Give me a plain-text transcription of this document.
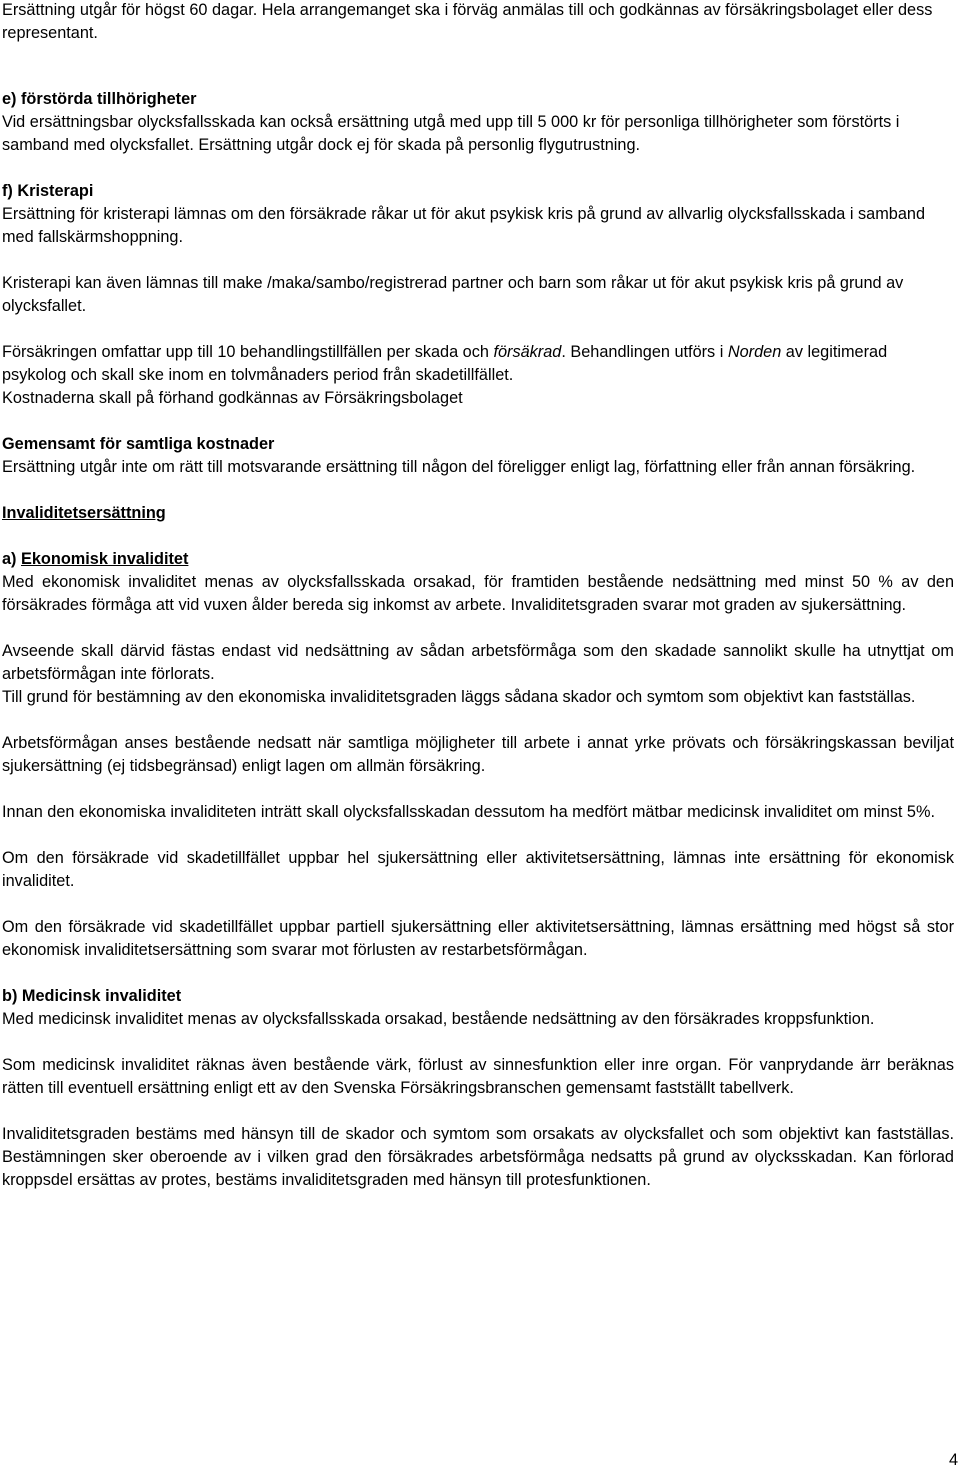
Ersättning utgår för högst 60 dagar. Hela arrangemanget ska i förväg anmälas till och godkännas av försäkringsbolaget eller dess representant.

e) förstörda tillhörigheter

Vid ersättningsbar olycksfallsskada kan också ersättning utgå med upp till 5 000 kr för personliga tillhörigheter som förstörts i samband med olycksfallet. Ersättning utgår dock ej för skada på personlig flygutrustning.

f) Kristerapi

Ersättning för kristerapi lämnas om den försäkrade råkar ut för akut psykisk kris på grund av allvarlig olycksfallsskada i samband med fallskärmshoppning.

Kristerapi kan även lämnas till make /maka/sambo/registrerad partner och barn som råkar ut för akut psykisk kris på grund av olycksfallet.

Försäkringen omfattar upp till 10 behandlingstillfällen per skada och försäkrad. Behandlingen utförs i Norden av legitimerad psykolog och skall ske inom en tolvmånaders period från skadetillfället.

Kostnaderna skall på förhand godkännas av Försäkringsbolaget

Gemensamt för samtliga kostnader

Ersättning utgår inte om rätt till motsvarande ersättning till någon del föreligger enligt lag, författning eller från annan försäkring.

Invaliditetsersättning

a) Ekonomisk invaliditet

Med ekonomisk invaliditet menas av olycksfallsskada orsakad, för framtiden bestående nedsättning med minst 50 % av den försäkrades förmåga att vid vuxen ålder bereda sig inkomst av arbete. Invaliditetsgraden svarar mot graden av sjukersättning.

Avseende skall därvid fästas endast vid nedsättning av sådan arbetsförmåga som den skadade sannolikt skulle ha utnyttjat om arbetsförmågan inte förlorats.

Till grund för bestämning av den ekonomiska invaliditetsgraden läggs sådana skador och symtom som objektivt kan fastställas.

Arbetsförmågan anses bestående nedsatt när samtliga möjligheter till arbete i annat yrke prövats och försäkringskassan beviljat sjukersättning (ej tidsbegränsad) enligt lagen om allmän försäkring.

Innan den ekonomiska invaliditeten inträtt skall olycksfallsskadan dessutom ha medfört mätbar medicinsk invaliditet om minst 5%.

Om den försäkrade vid skadetillfället uppbar hel sjukersättning eller aktivitetsersättning, lämnas inte ersättning för ekonomisk invaliditet.

Om den försäkrade vid skadetillfället uppbar partiell sjukersättning eller aktivitetsersättning, lämnas ersättning med högst så stor ekonomisk invaliditetsersättning som svarar mot förlusten av restarbetsförmågan.

b) Medicinsk invaliditet

Med medicinsk invaliditet menas av olycksfallsskada orsakad, bestående nedsättning av den försäkrades kroppsfunktion.

Som medicinsk invaliditet räknas även bestående värk, förlust av sinnesfunktion eller inre organ. För vanprydande ärr beräknas rätten till eventuell ersättning enligt ett av den Svenska Försäkringsbranschen gemensamt fastställt tabellverk.

Invaliditetsgraden bestäms med hänsyn till de skador och symtom som orsakats av olycksfallet och som objektivt kan fastställas. Bestämningen sker oberoende av i vilken grad den försäkrades arbetsförmåga nedsatts på grund av olycksskadan. Kan förlorad kroppsdel ersättas av protes, bestäms invaliditetsgraden med hänsyn till protesfunktionen.

4
